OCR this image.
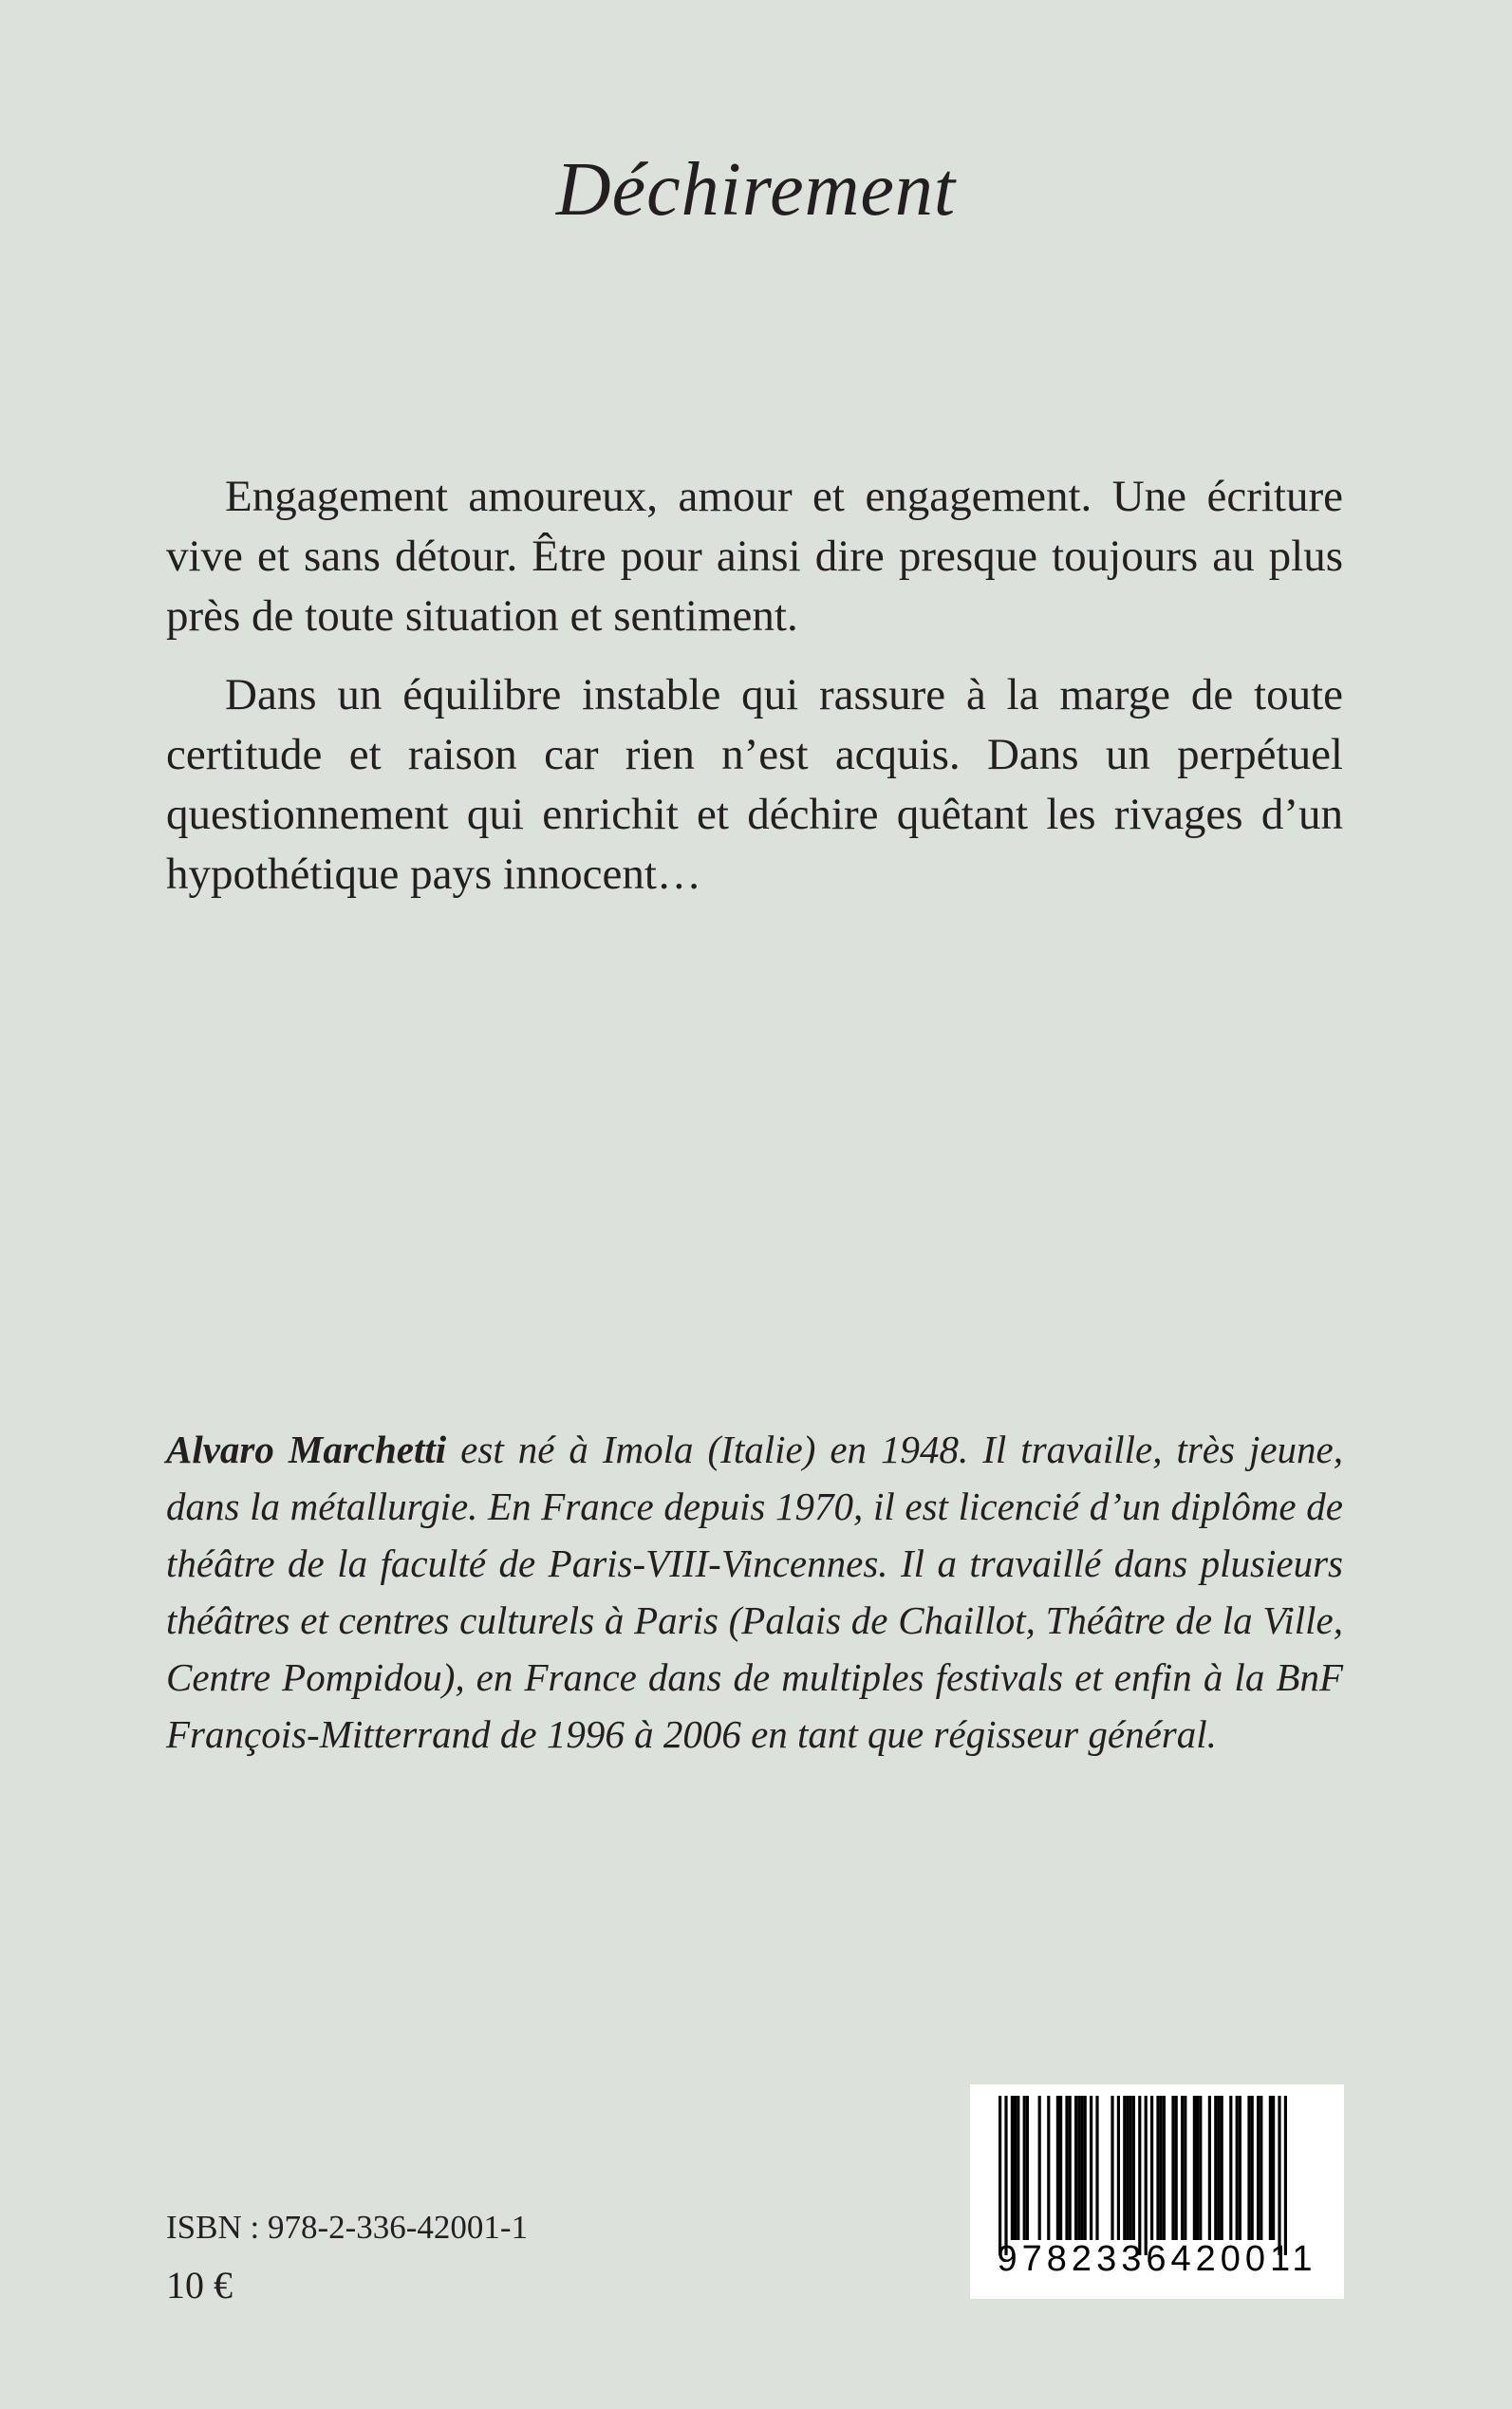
Déchirement

Engagement amoureux, amour et engagement. Une écriture vive et sans détour. Être pour ainsi dire presque toujours au plus près de toute situation et sentiment.

Dans un équilibre instable qui rassure à la marge de toute certitude et raison car rien n’est acquis. Dans un perpétuel questionnement qui enrichit et déchire quêtant les rivages d’un hypothétique pays innocent…

Alvaro Marchetti est né à Imola (Italie) en 1948. Il travaille, très jeune, dans la métallurgie. En France depuis 1970, il est licencié d’un diplôme de théâtre de la faculté de Paris-VIII-Vincennes. Il a travaillé dans plusieurs théâtres et centres culturels à Paris (Palais de Chaillot, Théâtre de la Ville, Centre Pompidou), en France dans de multiples festivals et enfin à la BnF François-Mitterrand de 1996 à 2006 en tant que régisseur général.
ISBN : 978-2-336-42001-1
10 €
9782336420011
